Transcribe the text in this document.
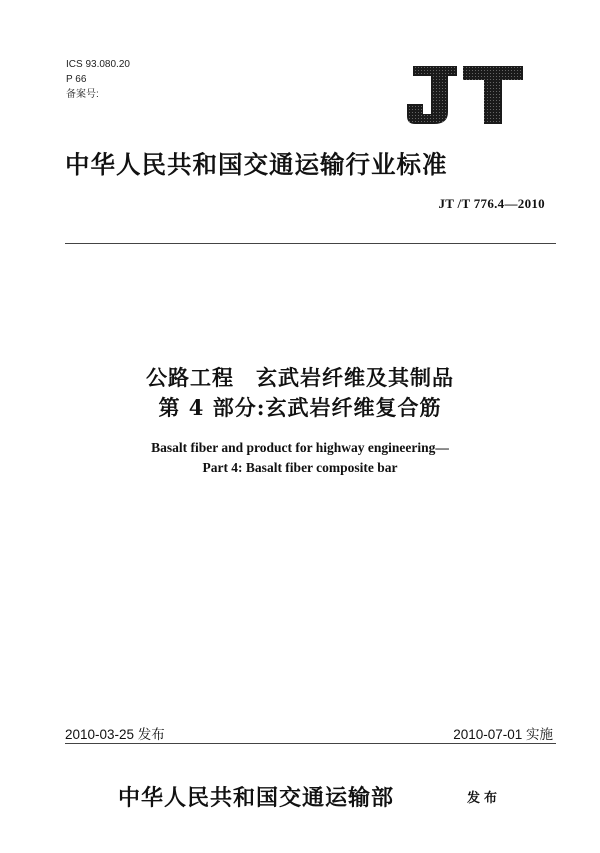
ICS 93.080.20
P 66
备案号:
中华人民共和国交通运输行业标准
JT /T 776.4—2010
公路工程　玄武岩纤维及其制品
第 4 部分:玄武岩纤维复合筋
Basalt fiber and product for highway engineering—
Part 4: Basalt fiber composite bar
2010-03-25 发布	2010-07-01 实施
中华人民共和国交通运输部	发布
